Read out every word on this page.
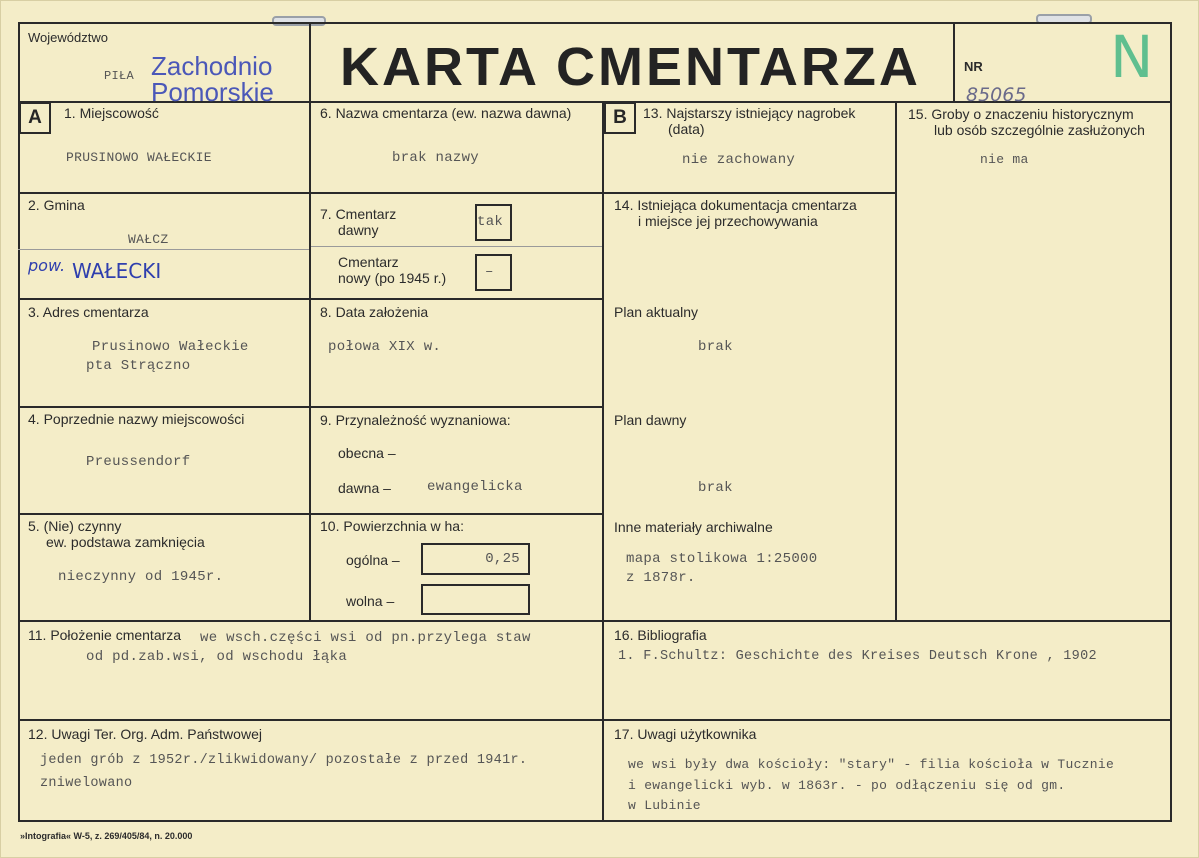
Województwo
PIŁA Zachodnio
Pomorskie KARTA CMENTARZA	NR N
85065
A	1. Miejscowość
PRUSINOWO WAŁECKIE
2. Gmina
WAŁCZ
pow. WAŁECKI
3. Adres cmentarza
Prusinowo Wałeckie
pta Strączno
4. Poprzednie nazwy miejscowości
Preussendorf
5. (Nie) czynny
ew. podstawa zamknięcia
nieczynny od 1945r.
6. Nazwa cmentarza (ew. nazwa dawna)
brak nazwy
7. Cmentarz
dawny	tak
Cmentarz
nowy (po 1945 r.)	–
8. Data założenia
połowa XIX w.
9. Przynależność wyznaniowa:
obecna –
dawna –	ewangelicka
10. Powierzchnia w ha:
ogólna –	0,25
wolna –
B	13. Najstarszy istniejący nagrobek
(data)
nie zachowany
14. Istniejąca dokumentacja cmentarza
i miejsce jej przechowywania
Plan aktualny
brak
Plan dawny
brak
Inne materiały archiwalne
mapa stolikowa 1:25000
z 1878r.
15. Groby o znaczeniu historycznym
lub osób szczególnie zasłużonych
nie ma
11. Położenie cmentarza we wsch.części wsi od pn.przylega staw
od pd.zab.wsi, od wschodu łąka
16. Bibliografia
1. F.Schultz: Geschichte des Kreises Deutsch Krone , 1902
12. Uwagi Ter. Org. Adm. Państwowej
jeden grób z 1952r./zlikwidowany/ pozostałe z przed 1941r.
zniwelowano
17. Uwagi użytkownika
we wsi były dwa kościoły: "stary" - filia kościoła w Tucznie
i ewangelicki wyb. w 1863r. - po odłączeniu się od gm.
w Lubinie
»Intografia« W-5, z. 269/405/84, n. 20.000
